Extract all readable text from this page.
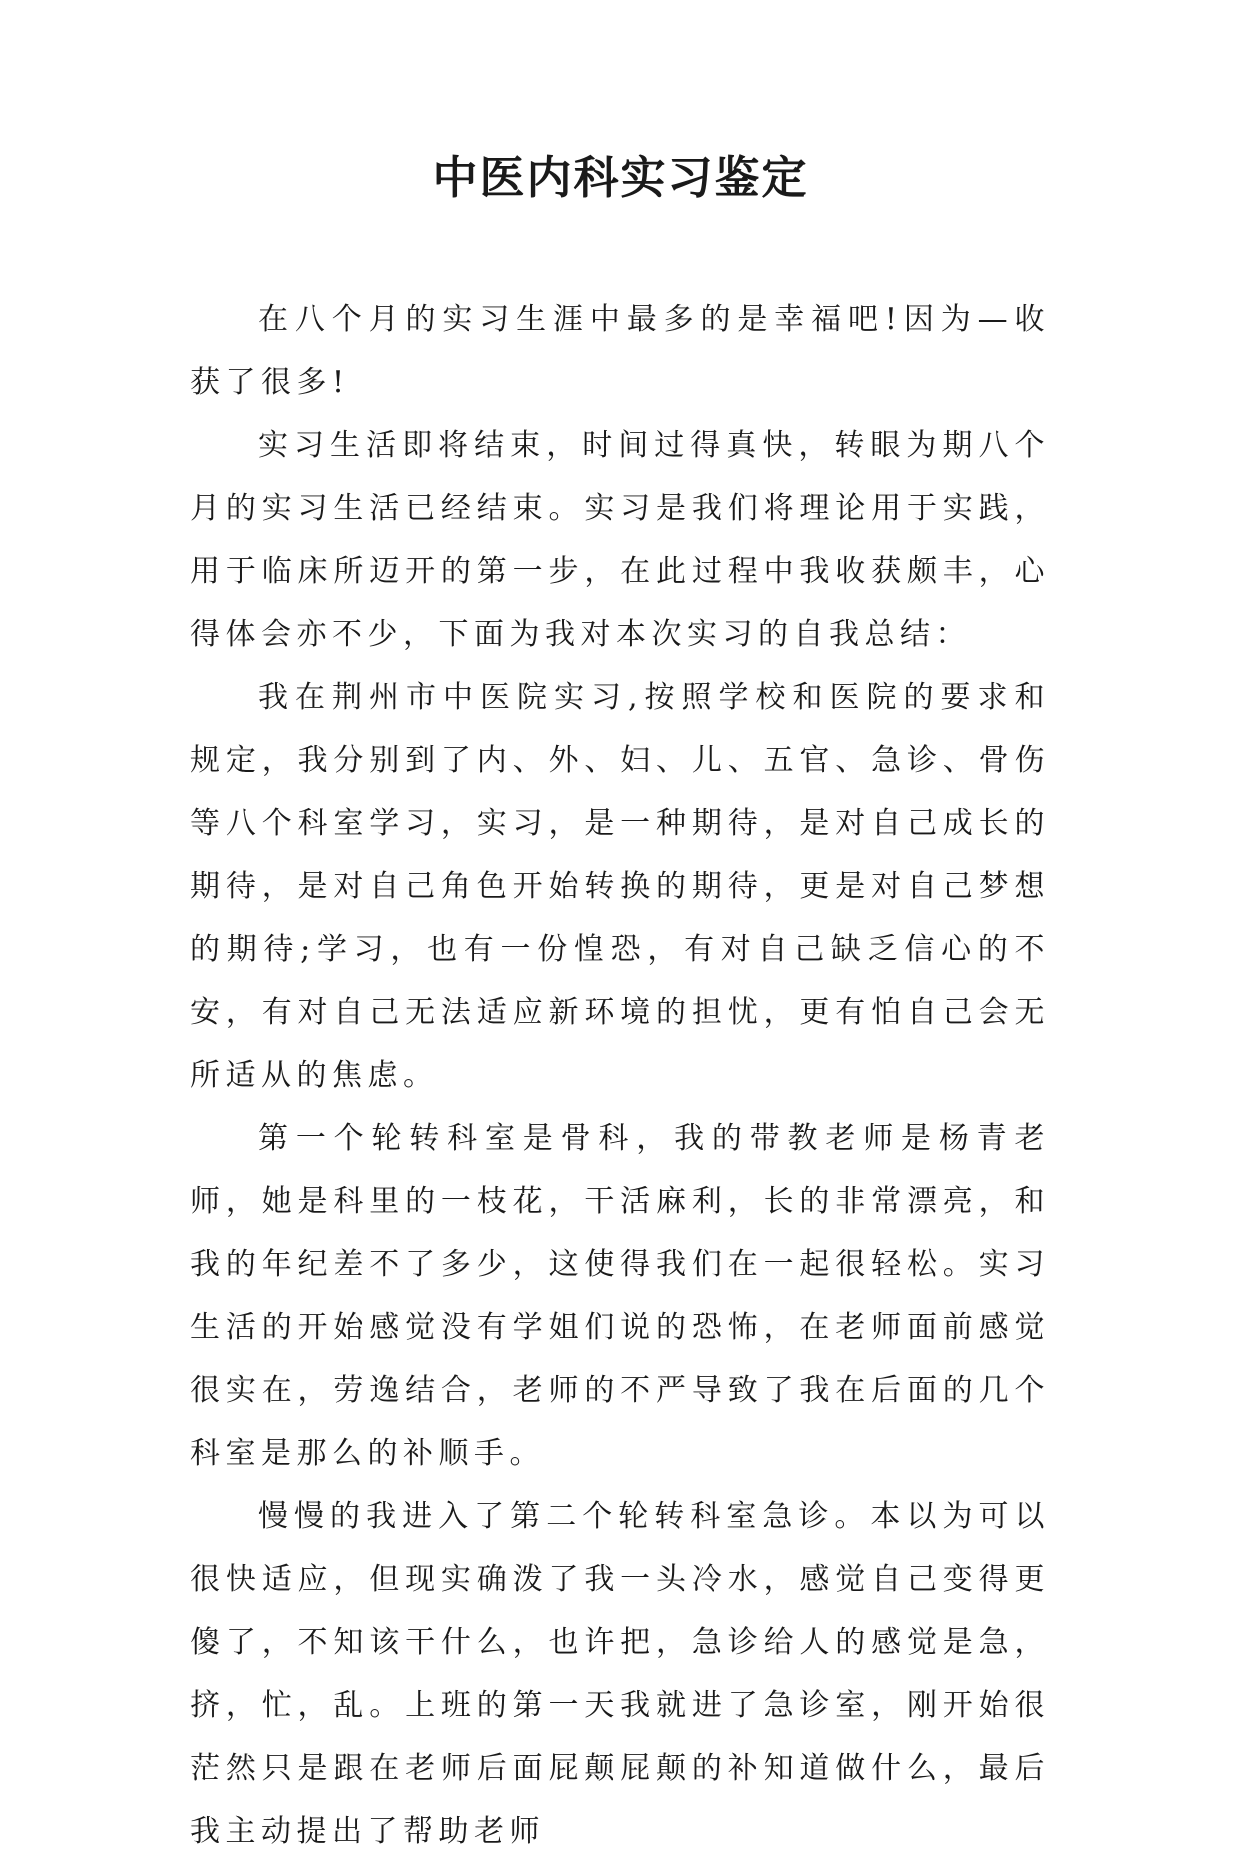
中医内科实习鉴定

在八个月的实习生涯中最多的是幸福吧!因为—收获了很多!

实习生活即将结束，时间过得真快，转眼为期八个月的实习生活已经结束。实习是我们将理论用于实践，用于临床所迈开的第一步，在此过程中我收获颇丰，心得体会亦不少，下面为我对本次实习的自我总结：

我在荆州市中医院实习,按照学校和医院的要求和规定，我分别到了内、外、妇、儿、五官、急诊、骨伤等八个科室学习，实习，是一种期待，是对自己成长的期待，是对自己角色开始转换的期待，更是对自己梦想的期待;学习，也有一份惶恐，有对自己缺乏信心的不安，有对自己无法适应新环境的担忧，更有怕自己会无所适从的焦虑。

第一个轮转科室是骨科，我的带教老师是杨青老师，她是科里的一枝花，干活麻利，长的非常漂亮，和我的年纪差不了多少，这使得我们在一起很轻松。实习生活的开始感觉没有学姐们说的恐怖，在老师面前感觉很实在，劳逸结合，老师的不严导致了我在后面的几个科室是那么的补顺手。

慢慢的我进入了第二个轮转科室急诊。本以为可以很快适应，但现实确泼了我一头冷水，感觉自己变得更傻了，不知该干什么，也许把，急诊给人的感觉是急，挤，忙，乱。上班的第一天我就进了急诊室，刚开始很茫然只是跟在老师后面屁颠屁颠的补知道做什么，最后我主动提出了帮助老师
